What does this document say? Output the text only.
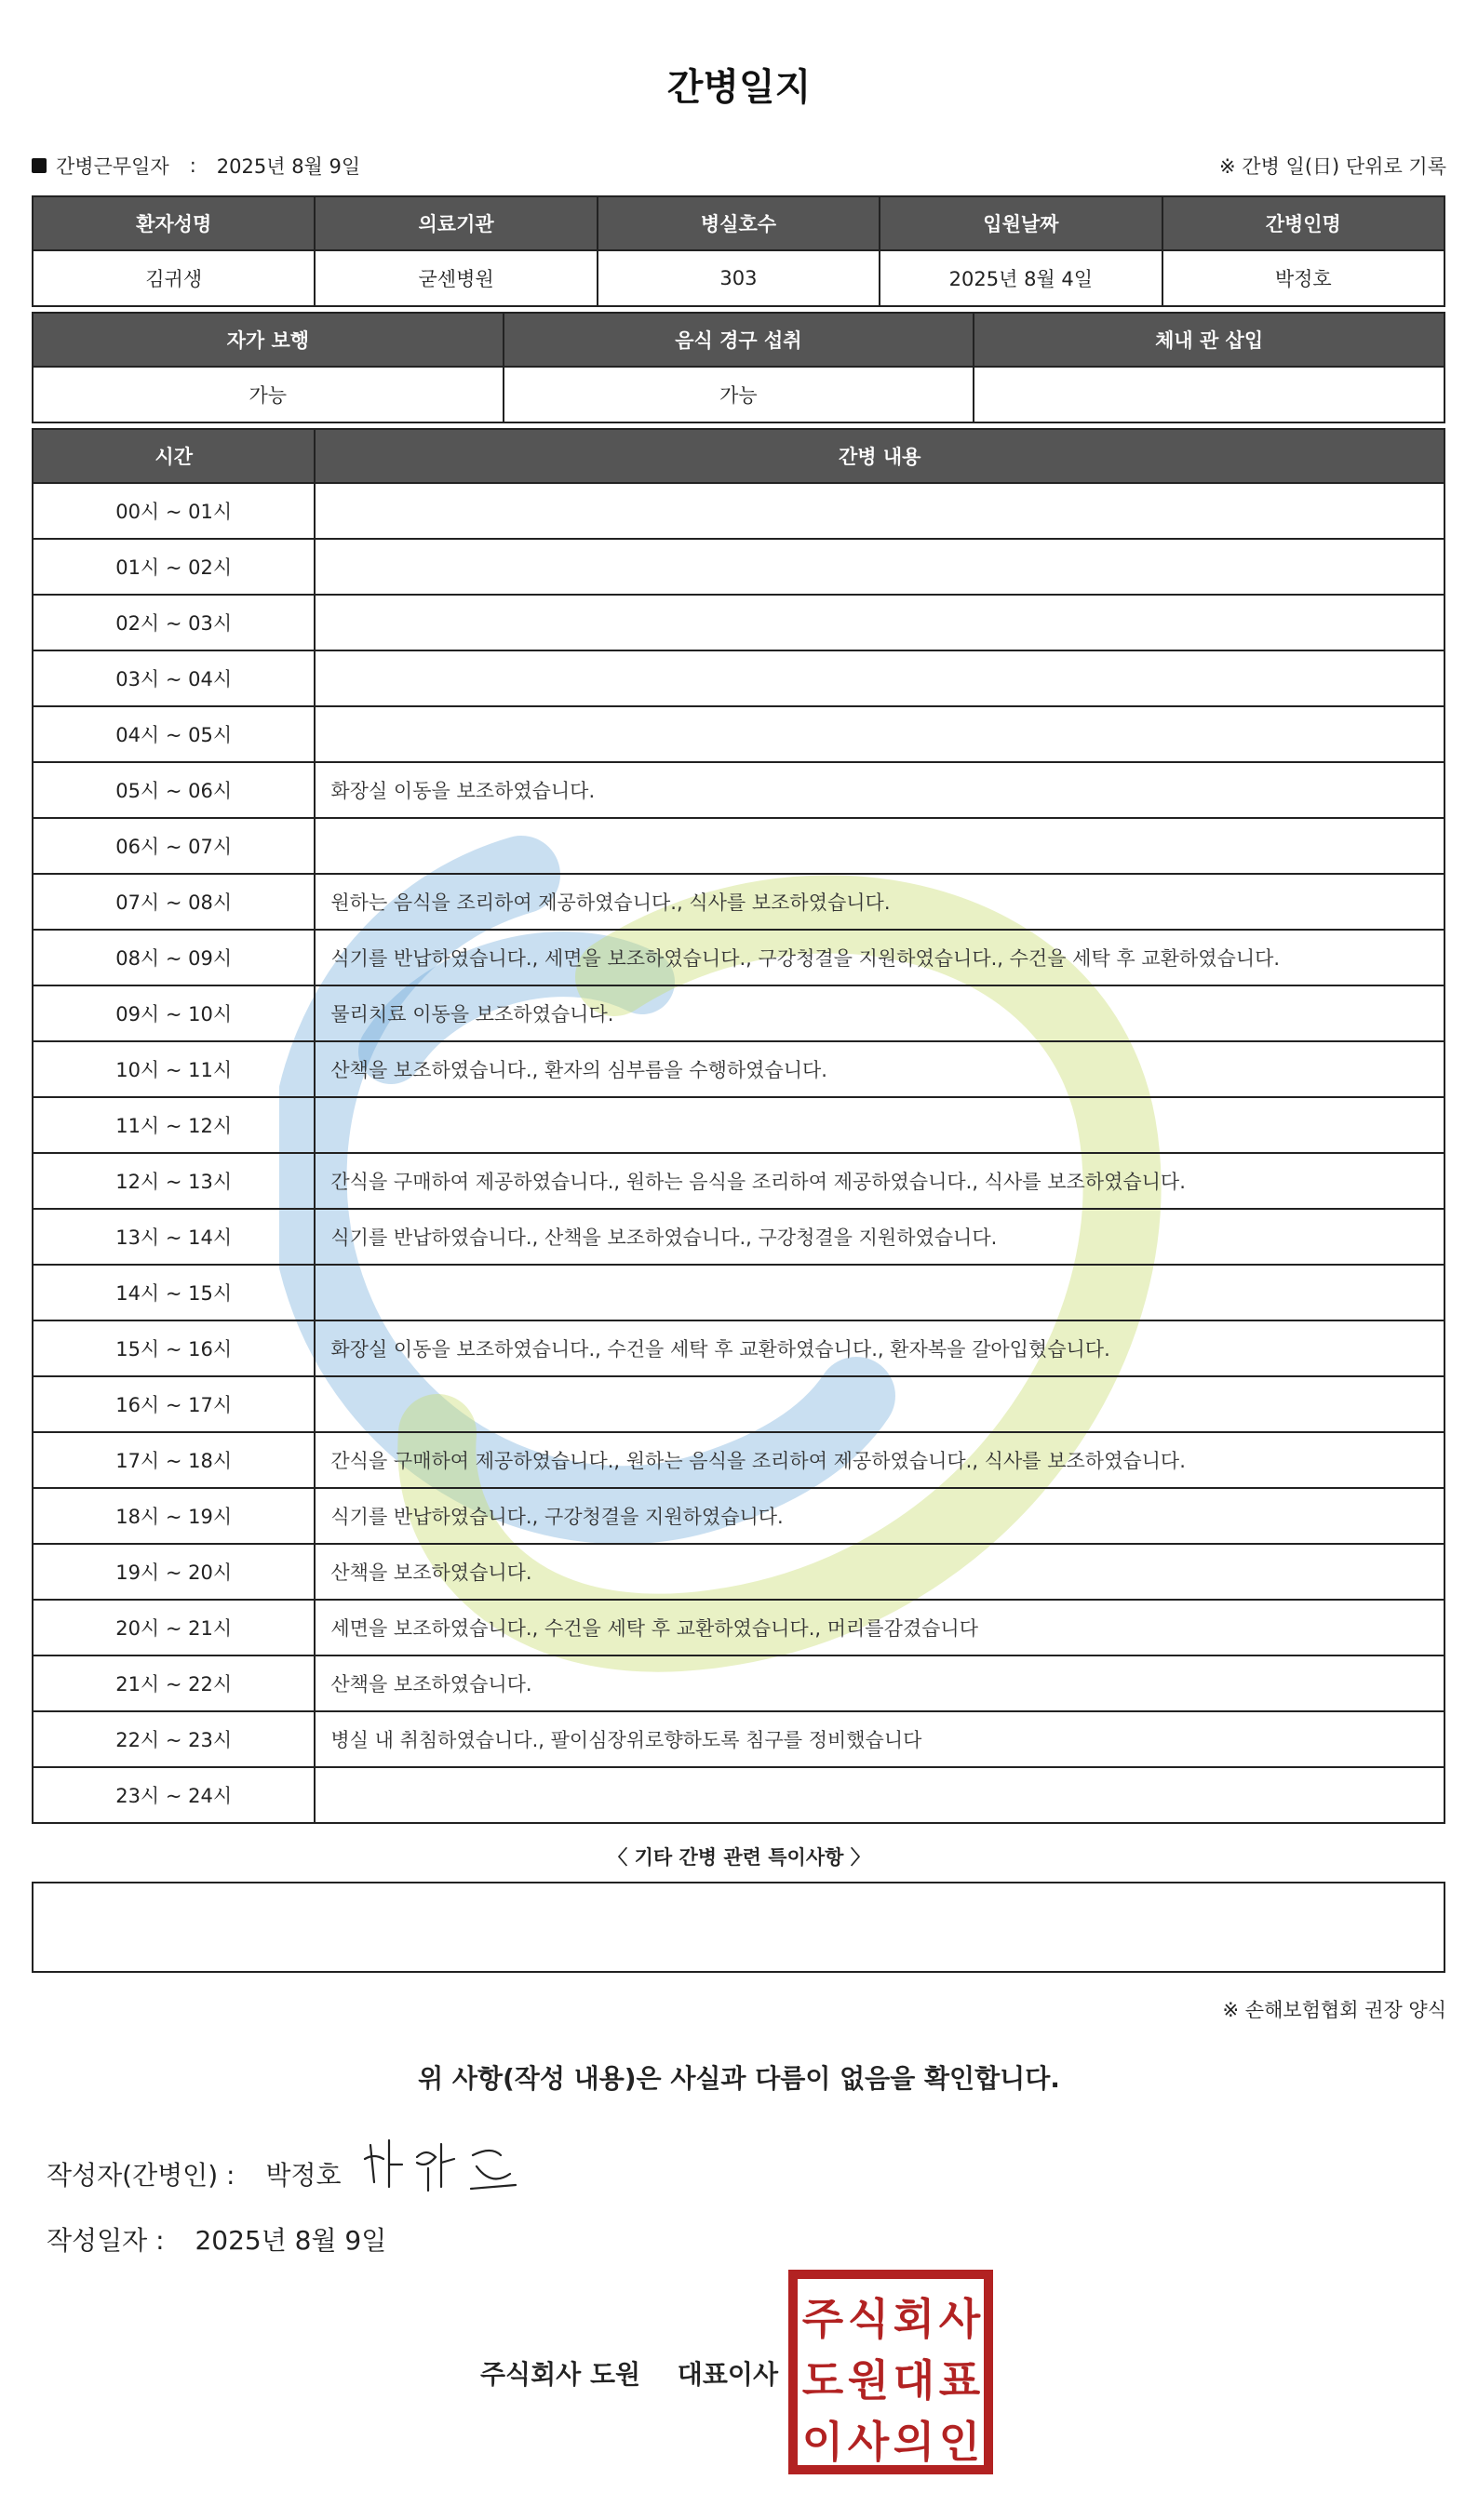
간병일지
간병근무일자 : 2025년 8월 9일	※ 간병 일(日) 단위로 기록
환자성명	의료기관	병실호수	입원날짜	간병인명
김귀생	굳센병원	303	2025년 8월 4일	박정호
자가 보행	음식 경구 섭취	체내 관 삽입
가능	가능	
시간	간병 내용
00시 ~ 01시	
01시 ~ 02시	
02시 ~ 03시	
03시 ~ 04시	
04시 ~ 05시	
05시 ~ 06시	화장실 이동을 보조하였습니다.
06시 ~ 07시	
07시 ~ 08시	원하는 음식을 조리하여 제공하였습니다., 식사를 보조하였습니다.
08시 ~ 09시	식기를 반납하였습니다., 세면을 보조하였습니다., 구강청결을 지원하였습니다., 수건을 세탁 후 교환하였습니다.
09시 ~ 10시	물리치료 이동을 보조하였습니다.
10시 ~ 11시	산책을 보조하였습니다., 환자의 심부름을 수행하였습니다.
11시 ~ 12시	
12시 ~ 13시	간식을 구매하여 제공하였습니다., 원하는 음식을 조리하여 제공하였습니다., 식사를 보조하였습니다.
13시 ~ 14시	식기를 반납하였습니다., 산책을 보조하였습니다., 구강청결을 지원하였습니다.
14시 ~ 15시	
15시 ~ 16시	화장실 이동을 보조하였습니다., 수건을 세탁 후 교환하였습니다., 환자복을 갈아입혔습니다.
16시 ~ 17시	
17시 ~ 18시	간식을 구매하여 제공하였습니다., 원하는 음식을 조리하여 제공하였습니다., 식사를 보조하였습니다.
18시 ~ 19시	식기를 반납하였습니다., 구강청결을 지원하였습니다.
19시 ~ 20시	산책을 보조하였습니다.
20시 ~ 21시	세면을 보조하였습니다., 수건을 세탁 후 교환하였습니다., 머리를감겼습니다
21시 ~ 22시	산책을 보조하였습니다.
22시 ~ 23시	병실 내 취침하였습니다., 팔이심장위로향하도록 침구를 정비했습니다
23시 ~ 24시	
〈 기타 간병 관련 특이사항 〉
※ 손해보험협회 권장 양식
위 사항(작성 내용)은 사실과 다름이 없음을 확인합니다.
작성자(간병인) : 박정호
작성일자 : 2025년 8월 9일
주식회사 도원 대표이사
주 식 회 사
도 원 대 표
이 사 의 인
